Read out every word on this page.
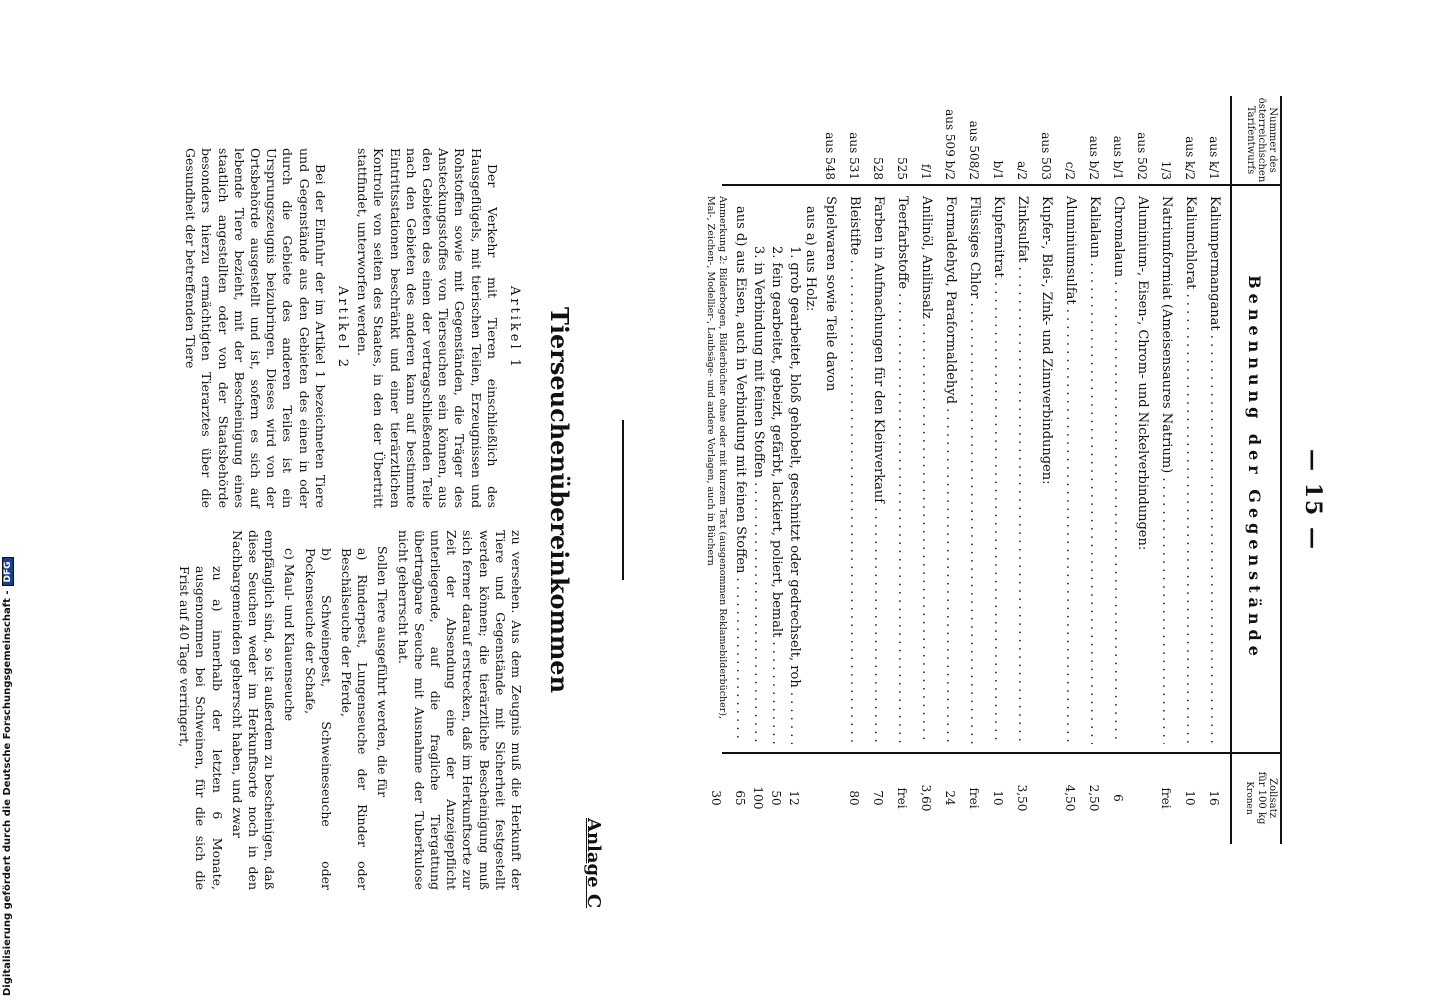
— 15 —
Nummer des österreichischen Tarifentwurfs
Benennung der Gegenstände
Zollsatz
für 100 kg
Kronen
aus k/1
Kaliumpermanganat . . .
16
aus k/2
Kaliumchlorat . . .
10
1/3
Natriumformiat (Ameisensaures Natrium) . . .
frei
aus 502
Aluminium-, Eisen-, Chrom- und Nickelverbindungen:
aus b/1
Chromalaun . . .
6
aus b/2
Kalialaun . . .
2,50
c/2
Aluminiumsulfat . . .
4,50
aus 503
Kupfer-, Blei-, Zink- und Zinnverbindungen:
a/2
Zinksulfat . . .
3,50
b/1
Kupfernitrat . . .
10
aus 508/2
Flüssiges Chlor . . .
frei
aus 509 b/2
Formaldehyd, Paraformaldehyd . . .
24
f/1
Anilinöl, Anilinsalz . . .
3,60
525
Teerfarbstoffe . . .
frei
528
Farben in Aufmachungen für den Kleinverkauf . . .
70
aus 531
Bleistifte . . .
80
aus 548
Spielwaren sowie Teile davon
aus a) aus Holz:
1. grob gearbeitet, bloß gehobelt, geschnitzt oder gedrechselt, roh . . .
12
2. fein gearbeitet, gebeizt, gefärbt, lackiert, poliert, bemalt . . .
50
3. in Verbindung mit feinen Stoffen . . .
100
aus d) aus Eisen, auch in Verbindung mit feinen Stoffen . . .
65
Anmerkung 2: Bilderbogen, Bilderbücher ohne oder mit kurzem Text (ausgenommen Reklamebilderbücher), Mal-, Zeichen-, Modellier-, Laubsäge- und andere Vorlagen, auch in Büchern
30
Anlage C
Tierseuchenübereinkommen

Artikel 1

Der Verkehr mit Tieren einschließlich des Hausgeflügels, mit tierischen Teilen, Erzeugnissen und Rohstoffen sowie mit Gegenständen, die Träger des Ansteckungsstoffes von Tierseuchen sein können, aus den Gebieten des einen der vertragschließenden Teile nach den Gebieten des anderen kann auf bestimmte Eintrittsstationen beschränkt und einer tierärztlichen Kontrolle von seiten des Staates, in den der Übertritt stattfindet, unterworfen werden.

Artikel 2

Bei der Einfuhr der im Artikel 1 bezeichneten Tiere und Gegenstände aus den Gebieten des einen in oder durch die Gebiete des anderen Teiles ist ein Ursprungszeugnis beizubringen. Dieses wird von der Ortsbehörde ausgestellt und ist, sofern es sich auf lebende Tiere bezieht, mit der Bescheinigung eines staatlich angestellten oder von der Staatsbehörde besonders hierzu ermächtigten Tierarztes über die Gesundheit der betreffenden Tiere

zu versehen. Aus dem Zeugnis muß die Herkunft der Tiere und Gegenstände mit Sicherheit festgestellt werden können; die tierärztliche Bescheinigung muß sich ferner darauf erstrecken, daß im Herkunftsorte zur Zeit der Absendung eine der Anzeigepflicht unterliegende, auf die fragliche Tiergattung übertragbare Seuche mit Ausnahme der Tuberkulose nicht geherrscht hat.

Sollen Tiere ausgeführt werden, die für

a) Rinderpest, Lungenseuche der Rinder oder Beschälseuche der Pferde,

b) Schweinepest, Schweineseuche oder Pockenseuche der Schafe,

c) Maul- und Klauenseuche

empfänglich sind, so ist außerdem zu bescheinigen, daß diese Seuchen weder im Herkunftsorte noch in den Nachbargemeinden geherrscht haben, und zwar

zu a) innerhalb der letzten 6 Monate, ausgenommen bei Schweinen, für die sich die Frist auf 40 Tage verringert,

Digitalisierung gefördert durch die Deutsche Forschungsgemeinschaft -DFG
